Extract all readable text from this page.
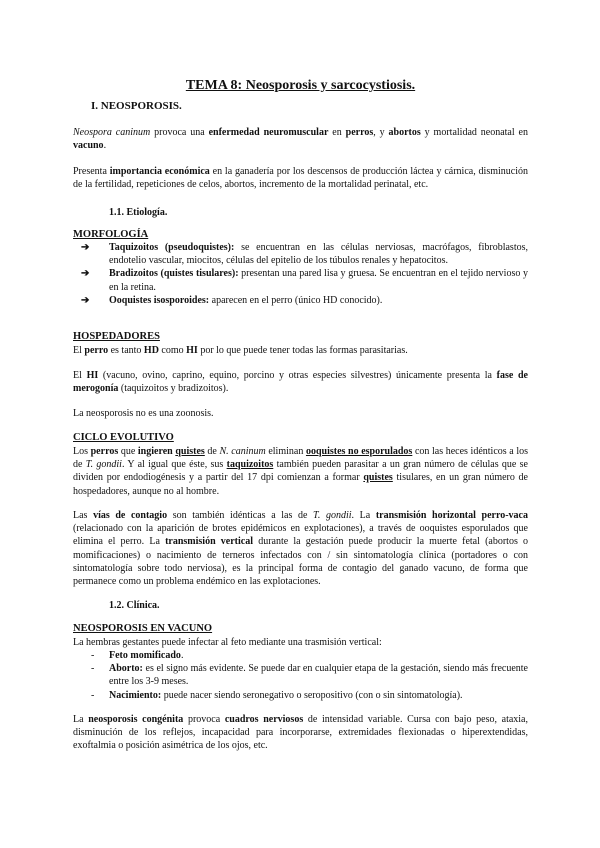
TEMA 8: Neosporosis y sarcocystiosis.
I. NEOSPOROSIS.
Neospora caninum provoca una enfermedad neuromuscular en perros, y abortos y mortalidad neonatal en vacuno.
Presenta importancia económica en la ganadería por los descensos de producción láctea y cárnica, disminución de la fertilidad, repeticiones de celos, abortos, incremento de la mortalidad perinatal, etc.
1.1. Etiología.
MORFOLOGÍA
➔ Taquizoitos (pseudoquistes): se encuentran en las células nerviosas, macrófagos, fibroblastos, endotelio vascular, miocitos, células del epitelio de los túbulos renales y hepatocitos.
➔ Bradizoitos (quistes tisulares): presentan una pared lisa y gruesa. Se encuentran en el tejido nervioso y en la retina.
➔ Ooquistes isosporoides: aparecen en el perro (único HD conocido).
HOSPEDADORES
El perro es tanto HD como HI por lo que puede tener todas las formas parasitarias.
El HI (vacuno, ovino, caprino, equino, porcino y otras especies silvestres) únicamente presenta la fase de merogonía (taquizoitos y bradizoitos).
La neosporosis no es una zoonosis.
CICLO EVOLUTIVO
Los perros que ingieren quistes de N. caninum eliminan ooquistes no esporulados con las heces idénticos a los de T. gondii. Y al igual que éste, sus taquizoitos también pueden parasitar a un gran número de células que se dividen por endodiogénesis y a partir del 17 dpi comienzan a formar quistes tisulares, en un gran número de hospedadores, aunque no al hombre.
Las vías de contagio son también idénticas a las de T. gondii. La transmisión horizontal perro-vaca (relacionado con la aparición de brotes epidémicos en explotaciones), a través de ooquistes esporulados que elimina el perro. La transmisión vertical durante la gestación puede producir la muerte fetal (abortos o momificaciones) o nacimiento de terneros infectados con / sin sintomatología clínica (portadores o con sintomatología sobre todo nerviosa), es la principal forma de contagio del ganado vacuno, de forma que permanece como un problema endémico en las explotaciones.
1.2. Clínica.
NEOSPOROSIS EN VACUNO
La hembras gestantes puede infectar al feto mediante una trasmisión vertical:
- Feto momificado.
- Aborto: es el signo más evidente. Se puede dar en cualquier etapa de la gestación, siendo más frecuente entre los 3-9 meses.
- Nacimiento: puede nacer siendo seronegativo o seropositivo (con o sin sintomatología).
La neosporosis congénita provoca cuadros nerviosos de intensidad variable. Cursa con bajo peso, ataxia, disminución de los reflejos, incapacidad para incorporarse, extremidades flexionadas o hiperextendidas, exoftalmia o posición asimétrica de los ojos, etc.
